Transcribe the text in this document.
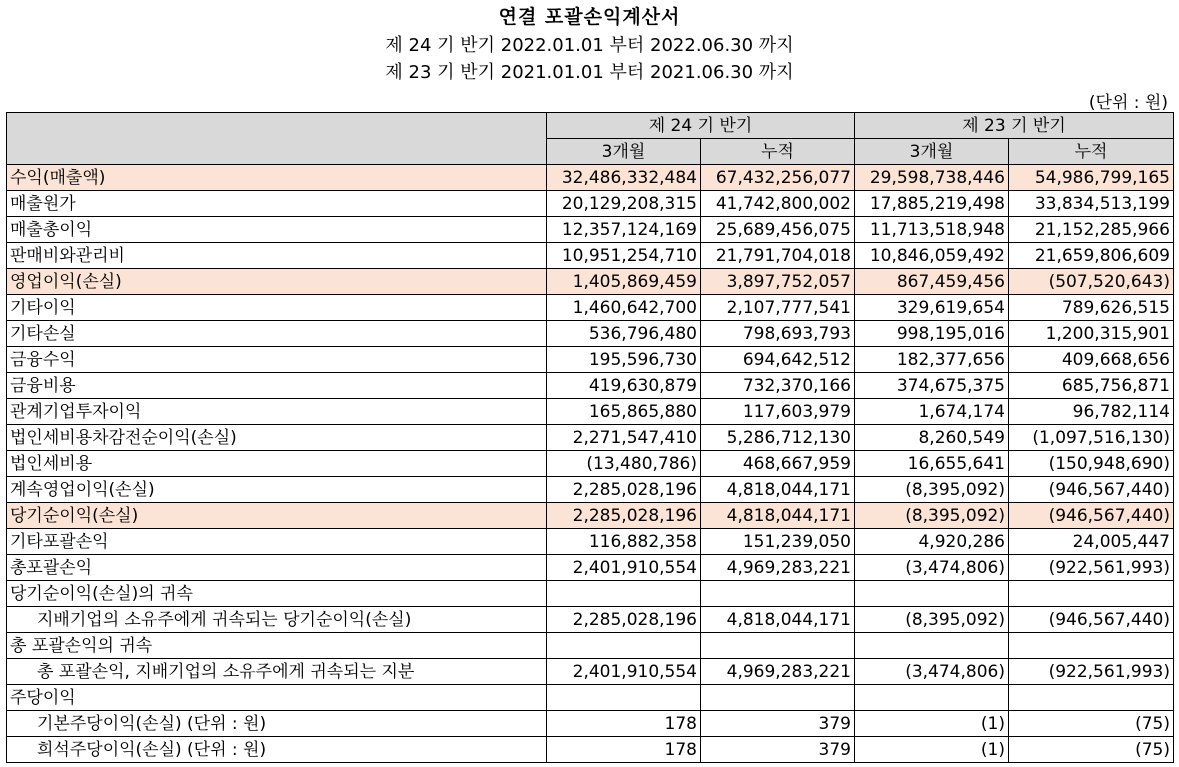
연결 포괄손익계산서
제 24 기 반기 2022.01.01 부터 2022.06.30 까지
제 23 기 반기 2021.01.01 부터 2021.06.30 까지
(단위 : 원)
	제 24 기 반기		제 23 기 반기	
	3개월	누적	3개월	누적
수익(매출액)	32,486,332,484	67,432,256,077	29,598,738,446	54,986,799,165
매출원가	20,129,208,315	41,742,800,002	17,885,219,498	33,834,513,199
매출총이익	12,357,124,169	25,689,456,075	11,713,518,948	21,152,285,966
판매비와관리비	10,951,254,710	21,791,704,018	10,846,059,492	21,659,806,609
영업이익(손실)	1,405,869,459	3,897,752,057	867,459,456	(507,520,643)
기타이익	1,460,642,700	2,107,777,541	329,619,654	789,626,515
기타손실	536,796,480	798,693,793	998,195,016	1,200,315,901
금융수익	195,596,730	694,642,512	182,377,656	409,668,656
금융비용	419,630,879	732,370,166	374,675,375	685,756,871
관계기업투자이익	165,865,880	117,603,979	1,674,174	96,782,114
법인세비용차감전순이익(손실)	2,271,547,410	5,286,712,130	8,260,549	(1,097,516,130)
법인세비용	(13,480,786)	468,667,959	16,655,641	(150,948,690)
계속영업이익(손실)	2,285,028,196	4,818,044,171	(8,395,092)	(946,567,440)
당기순이익(손실)	2,285,028,196	4,818,044,171	(8,395,092)	(946,567,440)
기타포괄손익	116,882,358	151,239,050	4,920,286	24,005,447
총포괄손익	2,401,910,554	4,969,283,221	(3,474,806)	(922,561,993)
당기순이익(손실)의 귀속				
지배기업의 소유주에게 귀속되는 당기순이익(손실)	2,285,028,196	4,818,044,171	(8,395,092)	(946,567,440)
총 포괄손익의 귀속				
총 포괄손익, 지배기업의 소유주에게 귀속되는 지분	2,401,910,554	4,969,283,221	(3,474,806)	(922,561,993)
주당이익				
기본주당이익(손실) (단위 : 원)	178	379	(1)	(75)
희석주당이익(손실) (단위 : 원)	178	379	(1)	(75)
